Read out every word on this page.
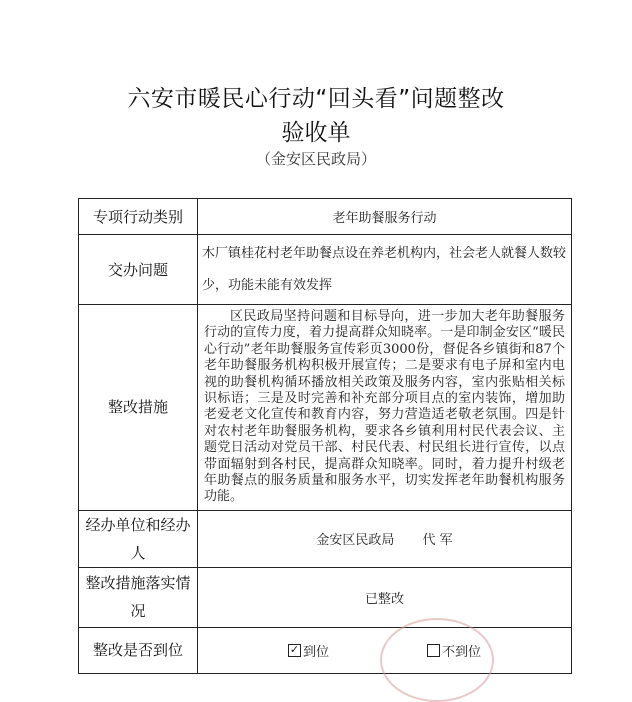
六安市暖民心行动“回头看”问题整改
验收单
（金安区民政局）
专项行动类别	老年助餐服务行动
交办问题	木厂镇桂花村老年助餐点设在养老机构内，社会老人就餐人数较少，功能未能有效发挥
整改措施	区民政局坚持问题和目标导向，进一步加大老年助餐服务行动的宣传力度，着力提高群众知晓率。一是印制金安区“暖民心行动”老年助餐服务宣传彩页3000份，督促各乡镇街和87个老年助餐服务机构积极开展宣传；二是要求有电子屏和室内电视的助餐机构循环播放相关政策及服务内容，室内张贴相关标识标语；三是及时完善和补充部分项目点的室内装饰，增加助老爱老文化宣传和教育内容，努力营造适老敬老氛围。四是针对农村老年助餐服务机构，要求各乡镇利用村民代表会议、主题党日活动对党员干部、村民代表、村民组长进行宣传，以点带面辐射到各村民，提高群众知晓率。同时，着力提升村级老年助餐点的服务质量和服务水平，切实发挥老年助餐机构服务功能。
经办单位和经办人	金安区民政局 代 军
整改措施落实情况	已整改
整改是否到位	✓到位 不到位
